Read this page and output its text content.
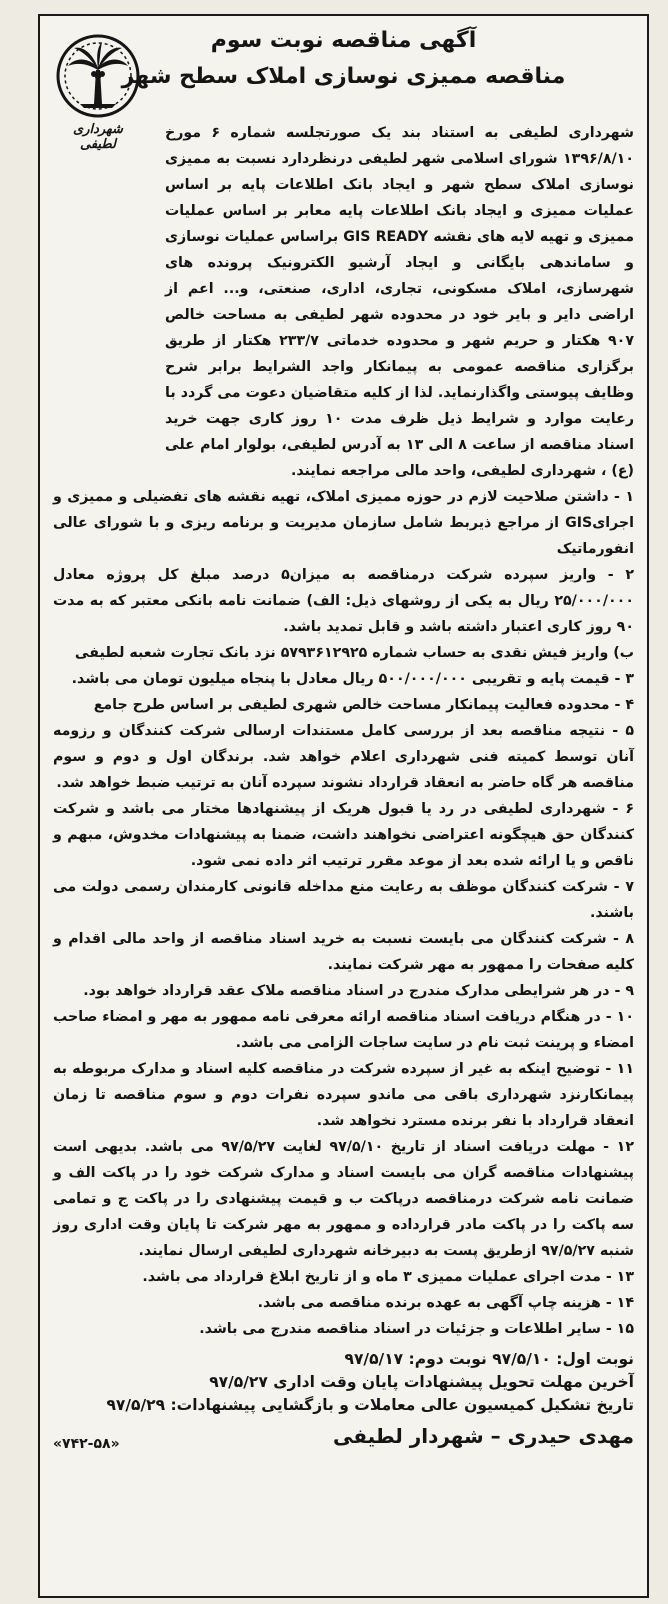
آگهی مناقصه نوبت سوم
مناقصه ممیزی نوسازی املاک سطح شهر
شهرداری لطیفی

شهرداری لطیفی به استناد بند یک صورتجلسه شماره ۶ مورخ ۱۳۹۶/۸/۱۰ شورای اسلامی شهر لطیفی درنظردارد نسبت به ممیزی نوسازی املاک سطح شهر و ایجاد بانک اطلاعات پایه بر اساس عملیات ممیزی و ایجاد بانک اطلاعات پایه معابر بر اساس عملیات ممیزی و تهیه لایه های نقشه GIS READY براساس عملیات نوسازی و ساماندهی بایگانی و ایجاد آرشیو الکترونیک پرونده های شهرسازی، املاک مسکونی، تجاری، اداری، صنعتی، و... اعم از اراضی دایر و بایر خود در محدوده شهر لطیفی به مساحت خالص ۹۰۷ هکتار و حریم شهر و محدوده خدماتی ۲۳۳/۷ هکتار از طریق برگزاری مناقصه عمومی به پیمانکار واجد الشرایط برابر شرح وظایف پیوستی واگذارنماید. لذا از کلیه متقاضیان دعوت می گردد با رعایت موارد و شرایط ذیل ظرف مدت ۱۰ روز کاری جهت خرید اسناد مناقصه از ساعت ۸ الی ۱۳ به آدرس لطیفی، بولوار امام علی (ع) ، شهرداری لطیفی، واحد مالی مراجعه نمایند.

۱ - داشتن صلاحیت لازم در حوزه ممیزی املاک، تهیه نقشه های تفضیلی و ممیزی و اجرایGIS از مراجع ذیربط شامل سازمان مدیریت و برنامه ریزی و با شورای عالی انفورماتیک

۲ - واریز سپرده شرکت درمناقصه به میزان۵ درصد مبلغ کل پروژه معادل ۲۵/۰۰۰/۰۰۰ ریال به یکی از روشهای ذیل: الف) ضمانت نامه بانکی معتبر که به مدت ۹۰ روز کاری اعتبار داشته باشد و قابل تمدید باشد.

ب) واریز فیش نقدی به حساب شماره ۵۷۹۳۶۱۲۹۲۵ نزد بانک تجارت شعبه لطیفی

۳ - قیمت پایه و تقریبی ۵۰۰/۰۰۰/۰۰۰ ریال معادل با پنجاه میلیون تومان می باشد.

۴ - محدوده فعالیت پیمانکار مساحت خالص شهری لطیفی بر اساس طرح جامع

۵ - نتیجه مناقصه بعد از بررسی کامل مستندات ارسالی شرکت کنندگان و رزومه آنان توسط کمیته فنی شهرداری اعلام خواهد شد. برندگان اول و دوم و سوم مناقصه هر گاه حاضر به انعقاد قرارداد نشوند سپرده آنان به ترتیب ضبط خواهد شد.

۶ - شهرداری لطیفی در رد یا قبول هریک از پیشنهادها مختار می باشد و شرکت کنندگان حق هیچگونه اعتراضی نخواهند داشت، ضمنا به پیشنهادات مخدوش، مبهم و ناقص و یا ارائه شده بعد از موعد مقرر ترتیب اثر داده نمی شود.

۷ - شرکت کنندگان موظف به رعایت منع مداخله قانونی کارمندان رسمی دولت می باشند.

۸ - شرکت کنندگان می بایست نسبت به خرید اسناد مناقصه از واحد مالی اقدام و کلیه صفحات را ممهور به مهر شرکت نمایند.

۹ - در هر شرایطی مدارک مندرج در اسناد مناقصه ملاک عقد قرارداد خواهد بود.

۱۰ - در هنگام دریافت اسناد مناقصه ارائه معرفی نامه ممهور به مهر و امضاء صاحب امضاء و پرینت ثبت نام در سایت ساجات الزامی می باشد.

۱۱ - توضیح اینکه به غیر از سپرده شرکت در مناقصه کلیه اسناد و مدارک مربوطه به پیمانکارنزد شهرداری باقی می ماندو سپرده نفرات دوم و سوم مناقصه تا زمان انعقاد قرارداد با نفر برنده مسترد نخواهد شد.

۱۲ - مهلت دریافت اسناد از تاریخ ۹۷/۵/۱۰ لغایت ۹۷/۵/۲۷ می باشد. بدیهی است پیشنهادات مناقصه گران می بایست اسناد و مدارک شرکت خود را در پاکت الف و ضمانت نامه شرکت درمناقصه درپاکت ب و قیمت پیشنهادی را در پاکت ج و تمامی سه پاکت را در پاکت مادر قرارداده و ممهور به مهر شرکت تا پایان وقت اداری روز شنبه ۹۷/۵/۲۷ ازطریق پست به دبیرخانه شهرداری لطیفی ارسال نمایند.

۱۳ - مدت اجرای عملیات ممیزی ۳ ماه و از تاریخ ابلاغ قرارداد می باشد.

۱۴ - هزینه چاپ آگهی به عهده برنده مناقصه می باشد.

۱۵ - سایر اطلاعات و جزئیات در اسناد مناقصه مندرج می باشد.

نوبت اول: ۹۷/۵/۱۰ نوبت دوم: ۹۷/۵/۱۷

آخرین مهلت تحویل پیشنهادات پایان وقت اداری ۹۷/۵/۲۷

تاریخ تشکیل کمیسیون عالی معاملات و بازگشایی پیشنهادات: ۹۷/۵/۲۹

مهدی حیدری – شهردار لطیفی
«۷۴۲-۵۸»
